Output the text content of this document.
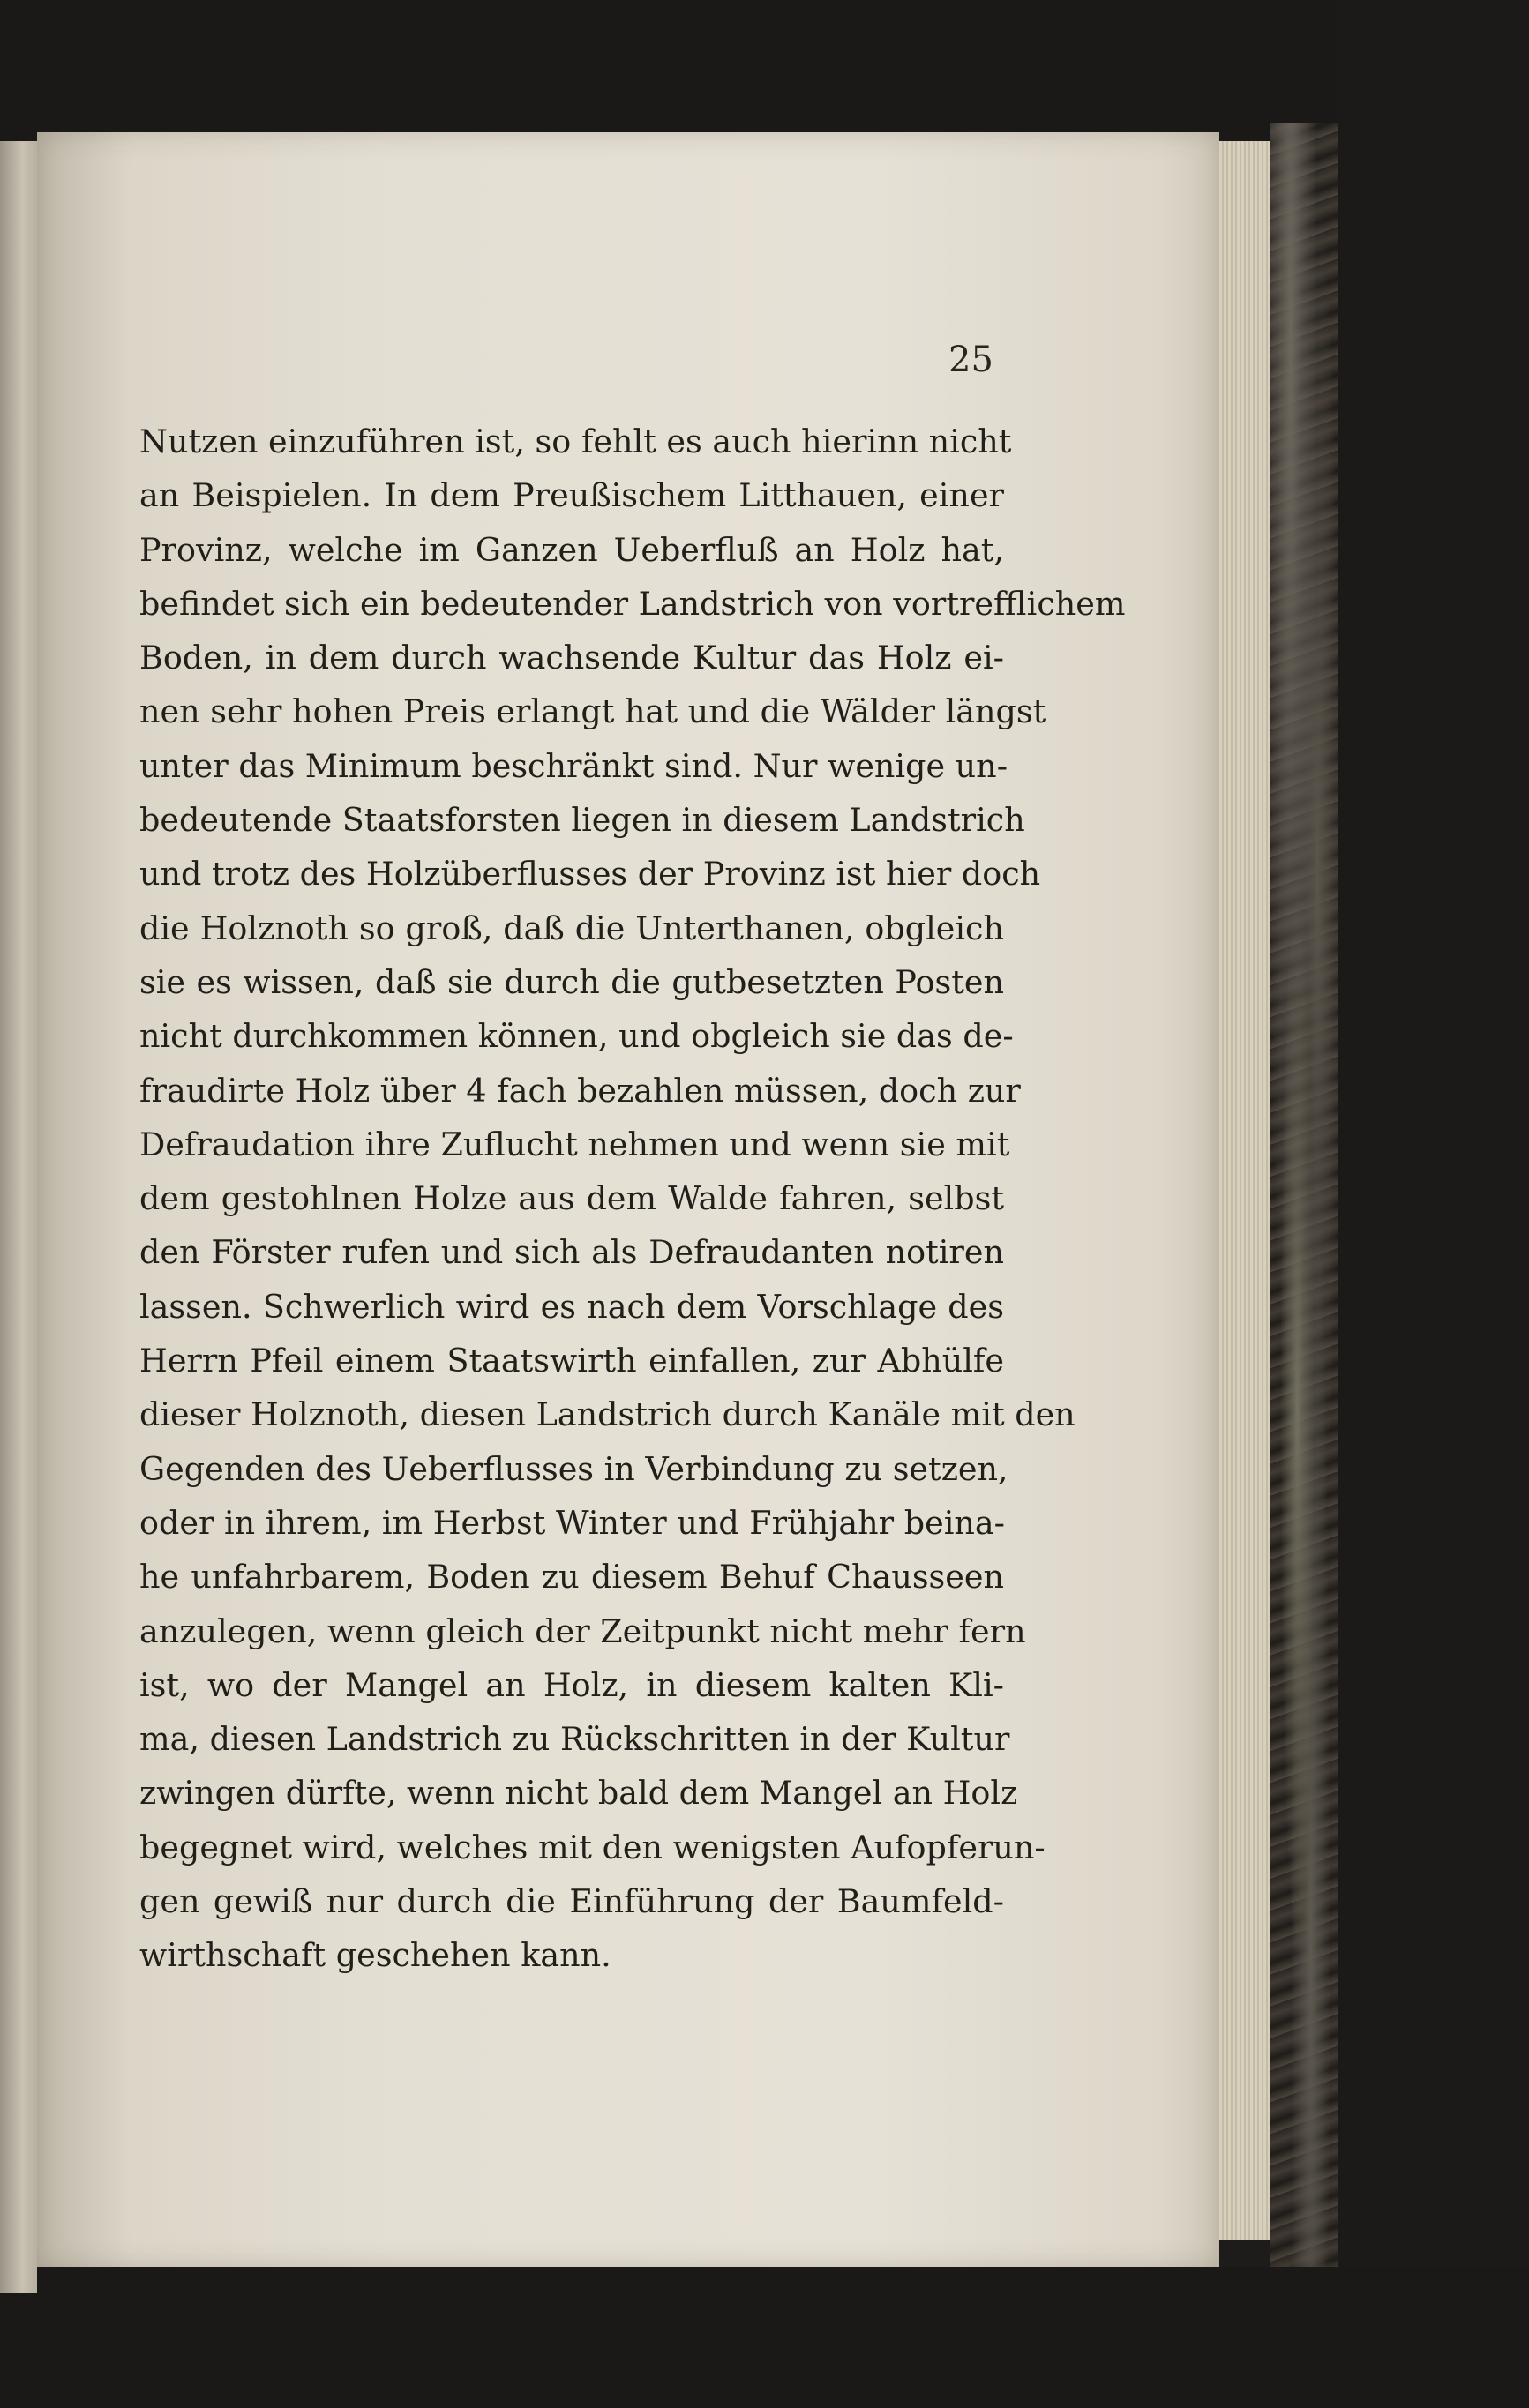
25
Nutzen einzuführen ist, so fehlt es auch hierinn nicht
an Beispielen. In dem Preußischem Litthauen, einer
Provinz, welche im Ganzen Ueberfluß an Holz hat,
befindet sich ein bedeutender Landstrich von vortrefflichem
Boden, in dem durch wachsende Kultur das Holz ei-
nen sehr hohen Preis erlangt hat und die Wälder längst
unter das Minimum beschränkt sind. Nur wenige un-
bedeutende Staatsforsten liegen in diesem Landstrich
und trotz des Holzüberflusses der Provinz ist hier doch
die Holznoth so groß, daß die Unterthanen, obgleich
sie es wissen, daß sie durch die gutbesetzten Posten
nicht durchkommen können, und obgleich sie das de-
fraudirte Holz über 4 fach bezahlen müssen, doch zur
Defraudation ihre Zuflucht nehmen und wenn sie mit
dem gestohlnen Holze aus dem Walde fahren, selbst
den Förster rufen und sich als Defraudanten notiren
lassen. Schwerlich wird es nach dem Vorschlage des
Herrn Pfeil einem Staatswirth einfallen, zur Abhülfe
dieser Holznoth, diesen Landstrich durch Kanäle mit den
Gegenden des Ueberflusses in Verbindung zu setzen,
oder in ihrem, im Herbst Winter und Frühjahr beina-
he unfahrbarem, Boden zu diesem Behuf Chausseen
anzulegen, wenn gleich der Zeitpunkt nicht mehr fern
ist, wo der Mangel an Holz, in diesem kalten Kli-
ma, diesen Landstrich zu Rückschritten in der Kultur
zwingen dürfte, wenn nicht bald dem Mangel an Holz
begegnet wird, welches mit den wenigsten Aufopferun-
gen gewiß nur durch die Einführung der Baumfeld-
wirthschaft geschehen kann.
